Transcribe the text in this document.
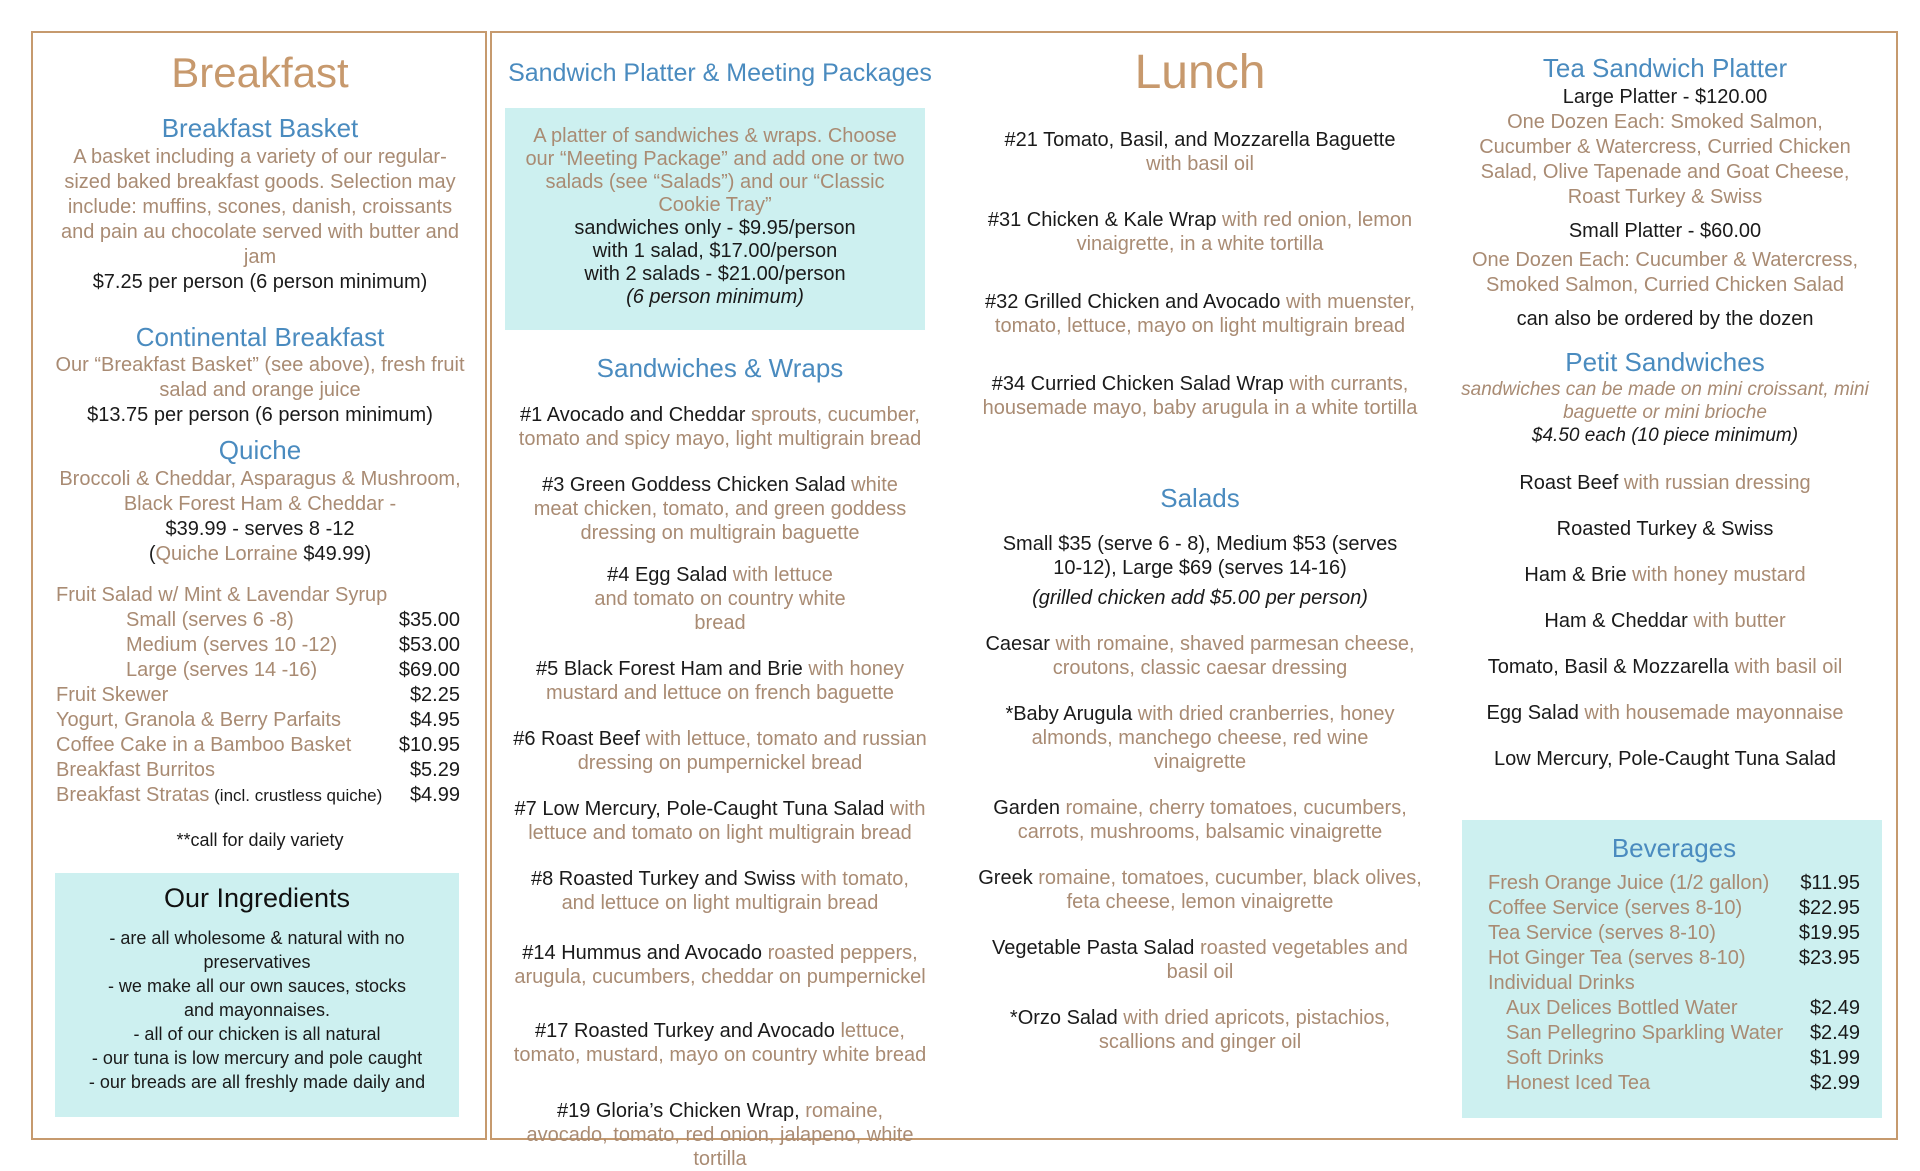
Breakfast
Breakfast Basket

A basket including a variety of our regular-sized baked breakfast goods. Selection may include: muffins, scones, danish, croissants and pain au chocolate served with butter and jam

$7.25 per person (6 person minimum)

Continental Breakfast

Our “Breakfast Basket” (see above), fresh fruit salad and orange juice

$13.75 per person (6 person minimum)

Quiche

Broccoli & Cheddar, Asparagus & Mushroom, Black Forest Ham & Cheddar -

$39.99 - serves 8 -12

(Quiche Lorraine $49.99)

Fruit Salad w/ Mint & Lavendar Syrup

Small (serves 6 -8)	$35.00
Medium (serves 10 -12)	$53.00
Large (serves 14 -16)	$69.00
Fruit Skewer	$2.25
Yogurt, Granola & Berry Parfaits	$4.95
Coffee Cake in a Bamboo Basket $10.95
Breakfast Burritos	$5.29
Breakfast Stratas (incl. crustless quiche) $4.99

**call for daily variety

Our Ingredients

- are all wholesome & natural with no preservatives

- we make all our own sauces, stocks and mayonnaises.

- all of our chicken is all natural

- our tuna is low mercury and pole caught

- our breads are all freshly made daily and

Sandwich Platter & Meeting Packages

A platter of sandwiches & wraps. Choose our “Meeting Package” and add one or two salads (see “Salads”) and our “Classic Cookie Tray”

sandwiches only - $9.95/person

with 1 salad, $17.00/person

with 2 salads - $21.00/person

(6 person minimum)

Sandwiches & Wraps

#1 Avocado and Cheddar sprouts, cucumber, tomato and spicy mayo, light multigrain bread

#3 Green Goddess Chicken Salad white meat chicken, tomato, and green goddess dressing on multigrain baguette

#4 Egg Salad with lettuce and tomato on country white bread

#5 Black Forest Ham and Brie with honey mustard and lettuce on french baguette

#6 Roast Beef with lettuce, tomato and russian dressing on pumpernickel bread

#7 Low Mercury, Pole-Caught Tuna Salad with lettuce and tomato on light multigrain bread

#8 Roasted Turkey and Swiss with tomato, and lettuce on light multigrain bread

#14 Hummus and Avocado roasted peppers, arugula, cucumbers, cheddar on pumpernickel

#17 Roasted Turkey and Avocado lettuce, tomato, mustard, mayo on country white bread

#19 Gloria’s Chicken Wrap, romaine, avocado, tomato, red onion, jalapeno, white tortilla

Lunch

#21 Tomato, Basil, and Mozzarella Baguette
with basil oil

#31 Chicken & Kale Wrap with red onion, lemon vinaigrette, in a white tortilla

#32 Grilled Chicken and Avocado with muenster, tomato, lettuce, mayo on light multigrain bread

#34 Curried Chicken Salad Wrap with currants, housemade mayo, baby arugula in a white tortilla

Salads

Small $35 (serve 6 - 8), Medium $53 (serves 10-12), Large $69 (serves 14-16)

(grilled chicken add $5.00 per person)

Caesar with romaine, shaved parmesan cheese, croutons, classic caesar dressing

*Baby Arugula with dried cranberries, honey almonds, manchego cheese, red wine vinaigrette

Garden romaine, cherry tomatoes, cucumbers, carrots, mushrooms, balsamic vinaigrette

Greek romaine, tomatoes, cucumber, black olives, feta cheese, lemon vinaigrette

Vegetable Pasta Salad roasted vegetables and basil oil

*Orzo Salad with dried apricots, pistachios, scallions and ginger oil

Tea Sandwich Platter

Large Platter - $120.00

One Dozen Each: Smoked Salmon, Cucumber & Watercress, Curried Chicken Salad, Olive Tapenade and Goat Cheese, Roast Turkey & Swiss

Small Platter - $60.00

One Dozen Each: Cucumber & Watercress, Smoked Salmon, Curried Chicken Salad

can also be ordered by the dozen

Petit Sandwiches

sandwiches can be made on mini croissant, mini baguette or mini brioche

$4.50 each (10 piece minimum)

Roast Beef with russian dressing

Roasted Turkey & Swiss

Ham & Brie with honey mustard

Ham & Cheddar with butter

Tomato, Basil & Mozzarella with basil oil

Egg Salad with housemade mayonnaise

Low Mercury, Pole-Caught Tuna Salad

Beverages
Fresh Orange Juice (1/2 gallon) $11.95
Coffee Service (serves 8-10)	$22.95
Tea Service (serves 8-10)	$19.95
Hot Ginger Tea (serves 8-10)	$23.95

Individual Drinks

Aux Delices Bottled Water	$2.49
San Pellegrino Sparkling Water $2.49
Soft Drinks	$1.99
Honest Iced Tea	$2.99
